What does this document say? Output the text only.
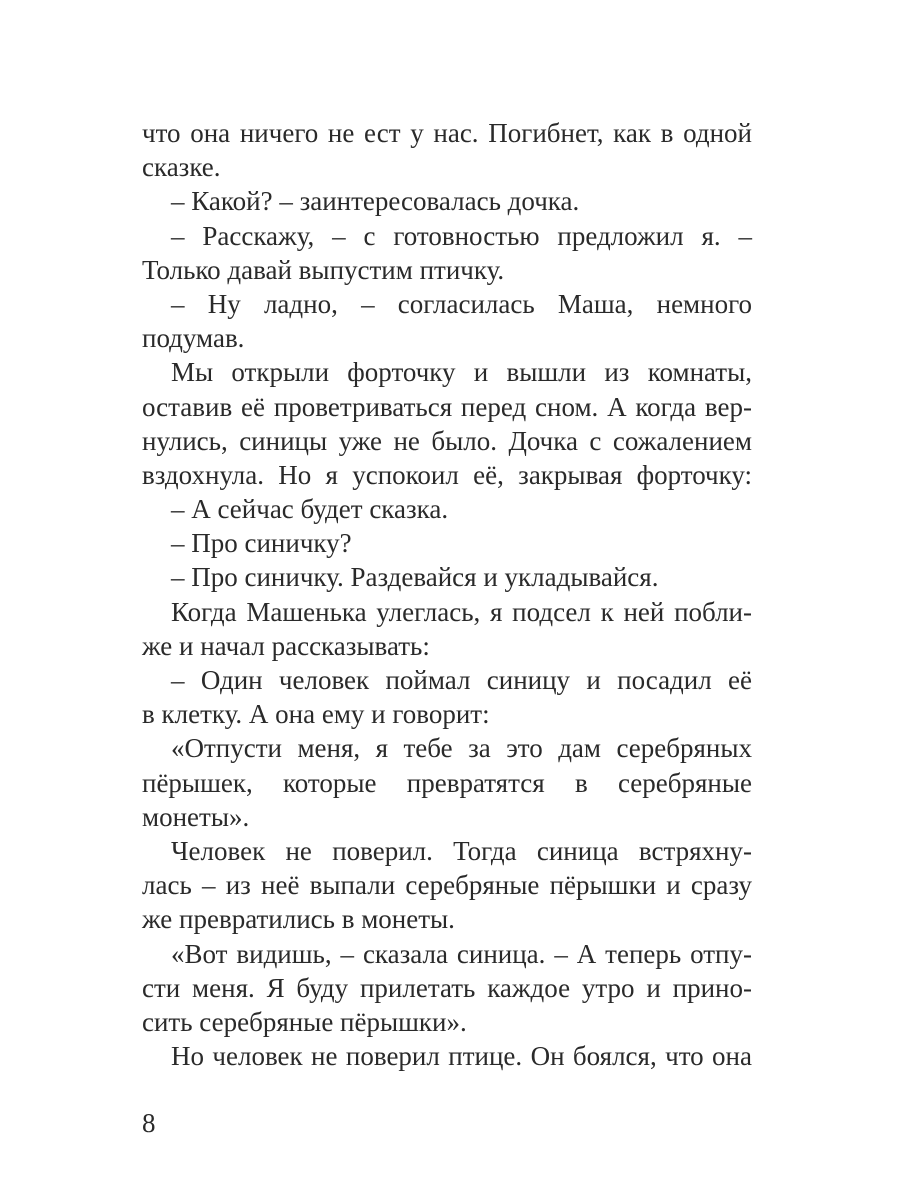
что она ничего не ест у нас. Погибнет, как в одной
сказке.
– Какой? – заинтересовалась дочка.
– Расскажу, – с готовностью предложил я. –
Только давай выпустим птичку.
– Ну ладно, – согласилась Маша, немного
подумав.
Мы открыли форточку и вышли из комнаты,
оставив её проветриваться перед сном. А когда вер-
нулись, синицы уже не было. Дочка с сожалением
вздохнула. Но я успокоил её, закрывая форточку:
– А сейчас будет сказка.
– Про синичку?
– Про синичку. Раздевайся и укладывайся.
Когда Машенька улеглась, я подсел к ней побли-
же и начал рассказывать:
– Один человек поймал синицу и посадил её
в клетку. А она ему и говорит:
«Отпусти меня, я тебе за это дам серебряных
пёрышек, которые превратятся в серебряные
монеты».
Человек не поверил. Тогда синица встряхну-
лась – из неё выпали серебряные пёрышки и сразу
же превратились в монеты.
«Вот видишь, – сказала синица. – А теперь отпу-
сти меня. Я буду прилетать каждое утро и прино-
сить серебряные пёрышки».
Но человек не поверил птице. Он боялся, что она
8
